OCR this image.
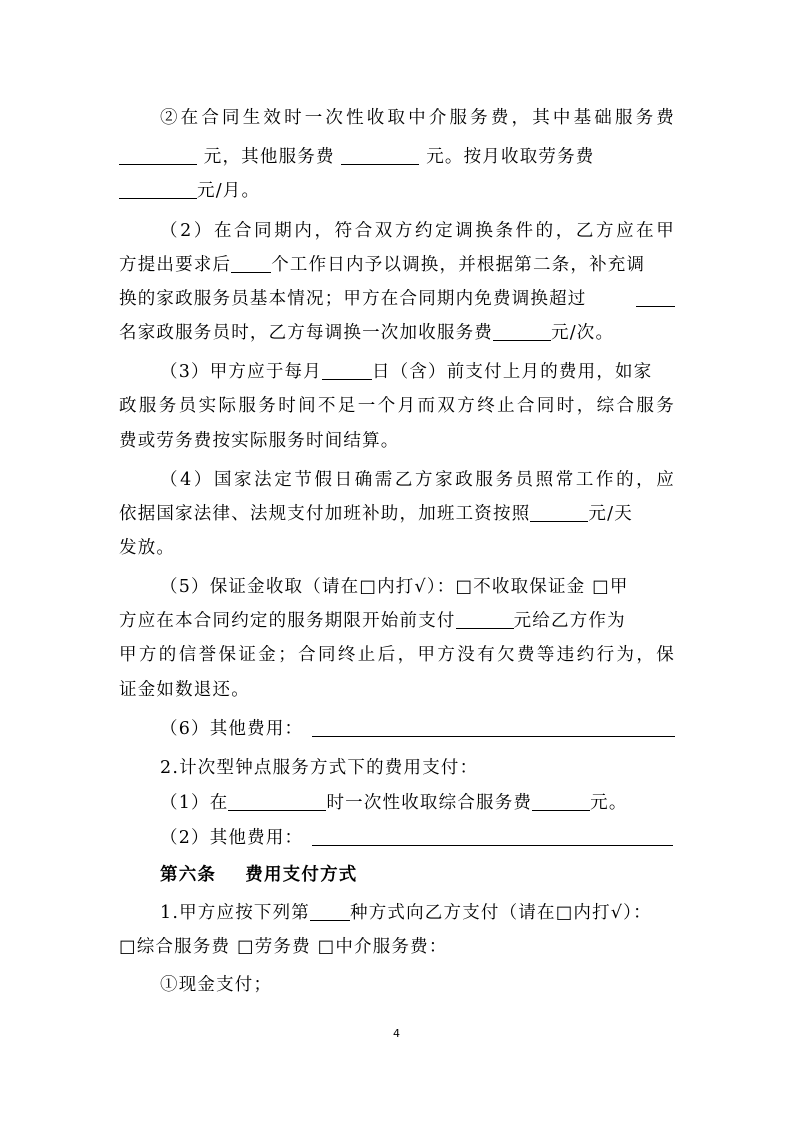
②在合同生效时一次性收取中介服务费，其中基础服务费
元，其他服务费	元。按月收取劳务费
元/月。
（2）在合同期内，符合双方约定调换条件的，乙方应在甲
方提出要求后 个工作日内予以调换，并根据第二条，补充调
换的家政服务员基本情况；甲方在合同期内免费调换超过
名家政服务员时，乙方每调换一次加收服务费	元/次。
（3）甲方应于每月	日（含）前支付上月的费用，如家
政服务员实际服务时间不足一个月而双方终止合同时，综合服务
费或劳务费按实际服务时间结算。
（4）国家法定节假日确需乙方家政服务员照常工作的，应
依据国家法律、法规支付加班补助，加班工资按照	元/天
发放。
（5）保证金收取（请在□内打√）：□不收取保证金 □甲
方应在本合同约定的服务期限开始前支付	元给乙方作为
甲方的信誉保证金；合同终止后，甲方没有欠费等违约行为，保
证金如数退还。
（6）其他费用：
2.计次型钟点服务方式下的费用支付：
（1）在	时一次性收取综合服务费	元。
（2）其他费用：
第六条    费用支付方式
1.甲方应按下列第 种方式向乙方支付（请在□内打√）：
□综合服务费 □劳务费 □中介服务费：
①现金支付；
4
